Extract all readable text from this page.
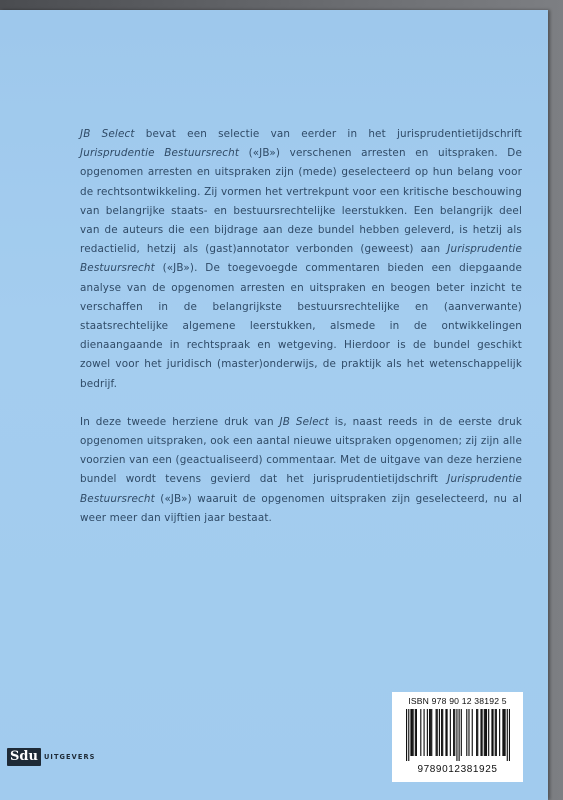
JB Select bevat een selectie van eerder in het jurisprudentietijdschrift Jurisprudentie Bestuursrecht («JB») verschenen arresten en uitspraken. De opgenomen arresten en uitspraken zijn (mede) geselecteerd op hun belang voor de rechtsontwikkeling. Zij vormen het vertrekpunt voor een kritische beschouwing van belangrijke staats- en bestuursrechtelijke leerstukken. Een belangrijk deel van de auteurs die een bijdrage aan deze bundel hebben geleverd, is hetzij als redactielid, hetzij als (gast)annotator verbonden (geweest) aan Jurisprudentie Bestuursrecht («JB»). De toegevoegde commentaren bieden een diepgaande analyse van de opgenomen arresten en uitspraken en beogen beter inzicht te verschaffen in de belangrijkste bestuursrechtelijke en (aanverwante) staatsrechtelijke algemene leerstukken, alsmede in de ontwikkelingen dienaangaande in rechtspraak en wetgeving. Hierdoor is de bundel geschikt zowel voor het juridisch (master)onderwijs, de praktijk als het wetenschappelijk bedrijf.

In deze tweede herziene druk van JB Select is, naast reeds in de eerste druk opgenomen uitspraken, ook een aantal nieuwe uitspraken opgenomen; zij zijn alle voorzien van een (geactualiseerd) commentaar. Met de uitgave van deze herziene bundel wordt tevens gevierd dat het jurisprudentietijdschrift Jurisprudentie Bestuursrecht («JB») waaruit de opgenomen uitspraken zijn geselecteerd, nu al weer meer dan vijftien jaar bestaat.

ISBN 978 90 12 38192 5
9789012381925
Sdu UITGEVERS
